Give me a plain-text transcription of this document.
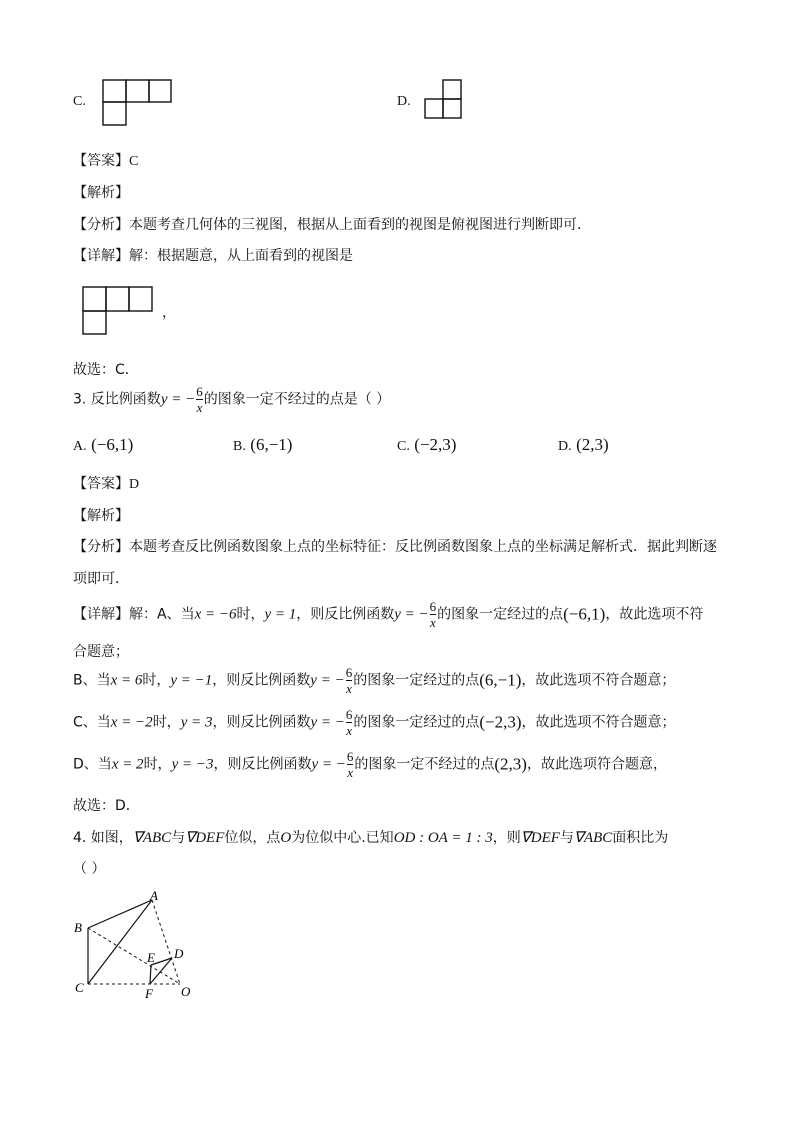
C.	D.
【答案】C
【解析】
【分析】本题考查几何体的三视图，根据从上面看到的视图是俯视图进行判断即可．
【详解】解：根据题意，从上面看到的视图是
，
故选：C．
3. 反比例函数y = − $\frac{6}{x}$ 的图象一定不经过的点是（ ）
A. (−6,1)	B. (6,−1)	C. (−2,3)	D. (2,3)
【答案】D
【解析】
【分析】本题考查反比例函数图象上点的坐标特征：反比例函数图象上点的坐标满足解析式．据此判断逐
项即可．
【详解】解：A、当x = −6时，y = 1，则反比例函数y = − $\frac{6}{x}$ 的图象一定经过的点(−6,1)，故此选项不符
合题意；
B、当x = 6时，y = −1，则反比例函数y = − $\frac{6}{x}$ 的图象一定经过的点(6,−1)，故此选项不符合题意；
C、当x = −2时，y = 3，则反比例函数y = − $\frac{6}{x}$ 的图象一定经过的点(−2,3)，故此选项不符合题意；
D、当x = 2时，y = −3，则反比例函数y = − $\frac{6}{x}$ 的图象一定不经过的点(2,3)，故此选项符合题意，
故选：D．
4. 如图，∇ABC与∇DEF位似，点O为位似中心.已知OD : OA = 1 : 3，则∇DEF与∇ABC面积比为
（ ）
A
B
C
D
E
F O
